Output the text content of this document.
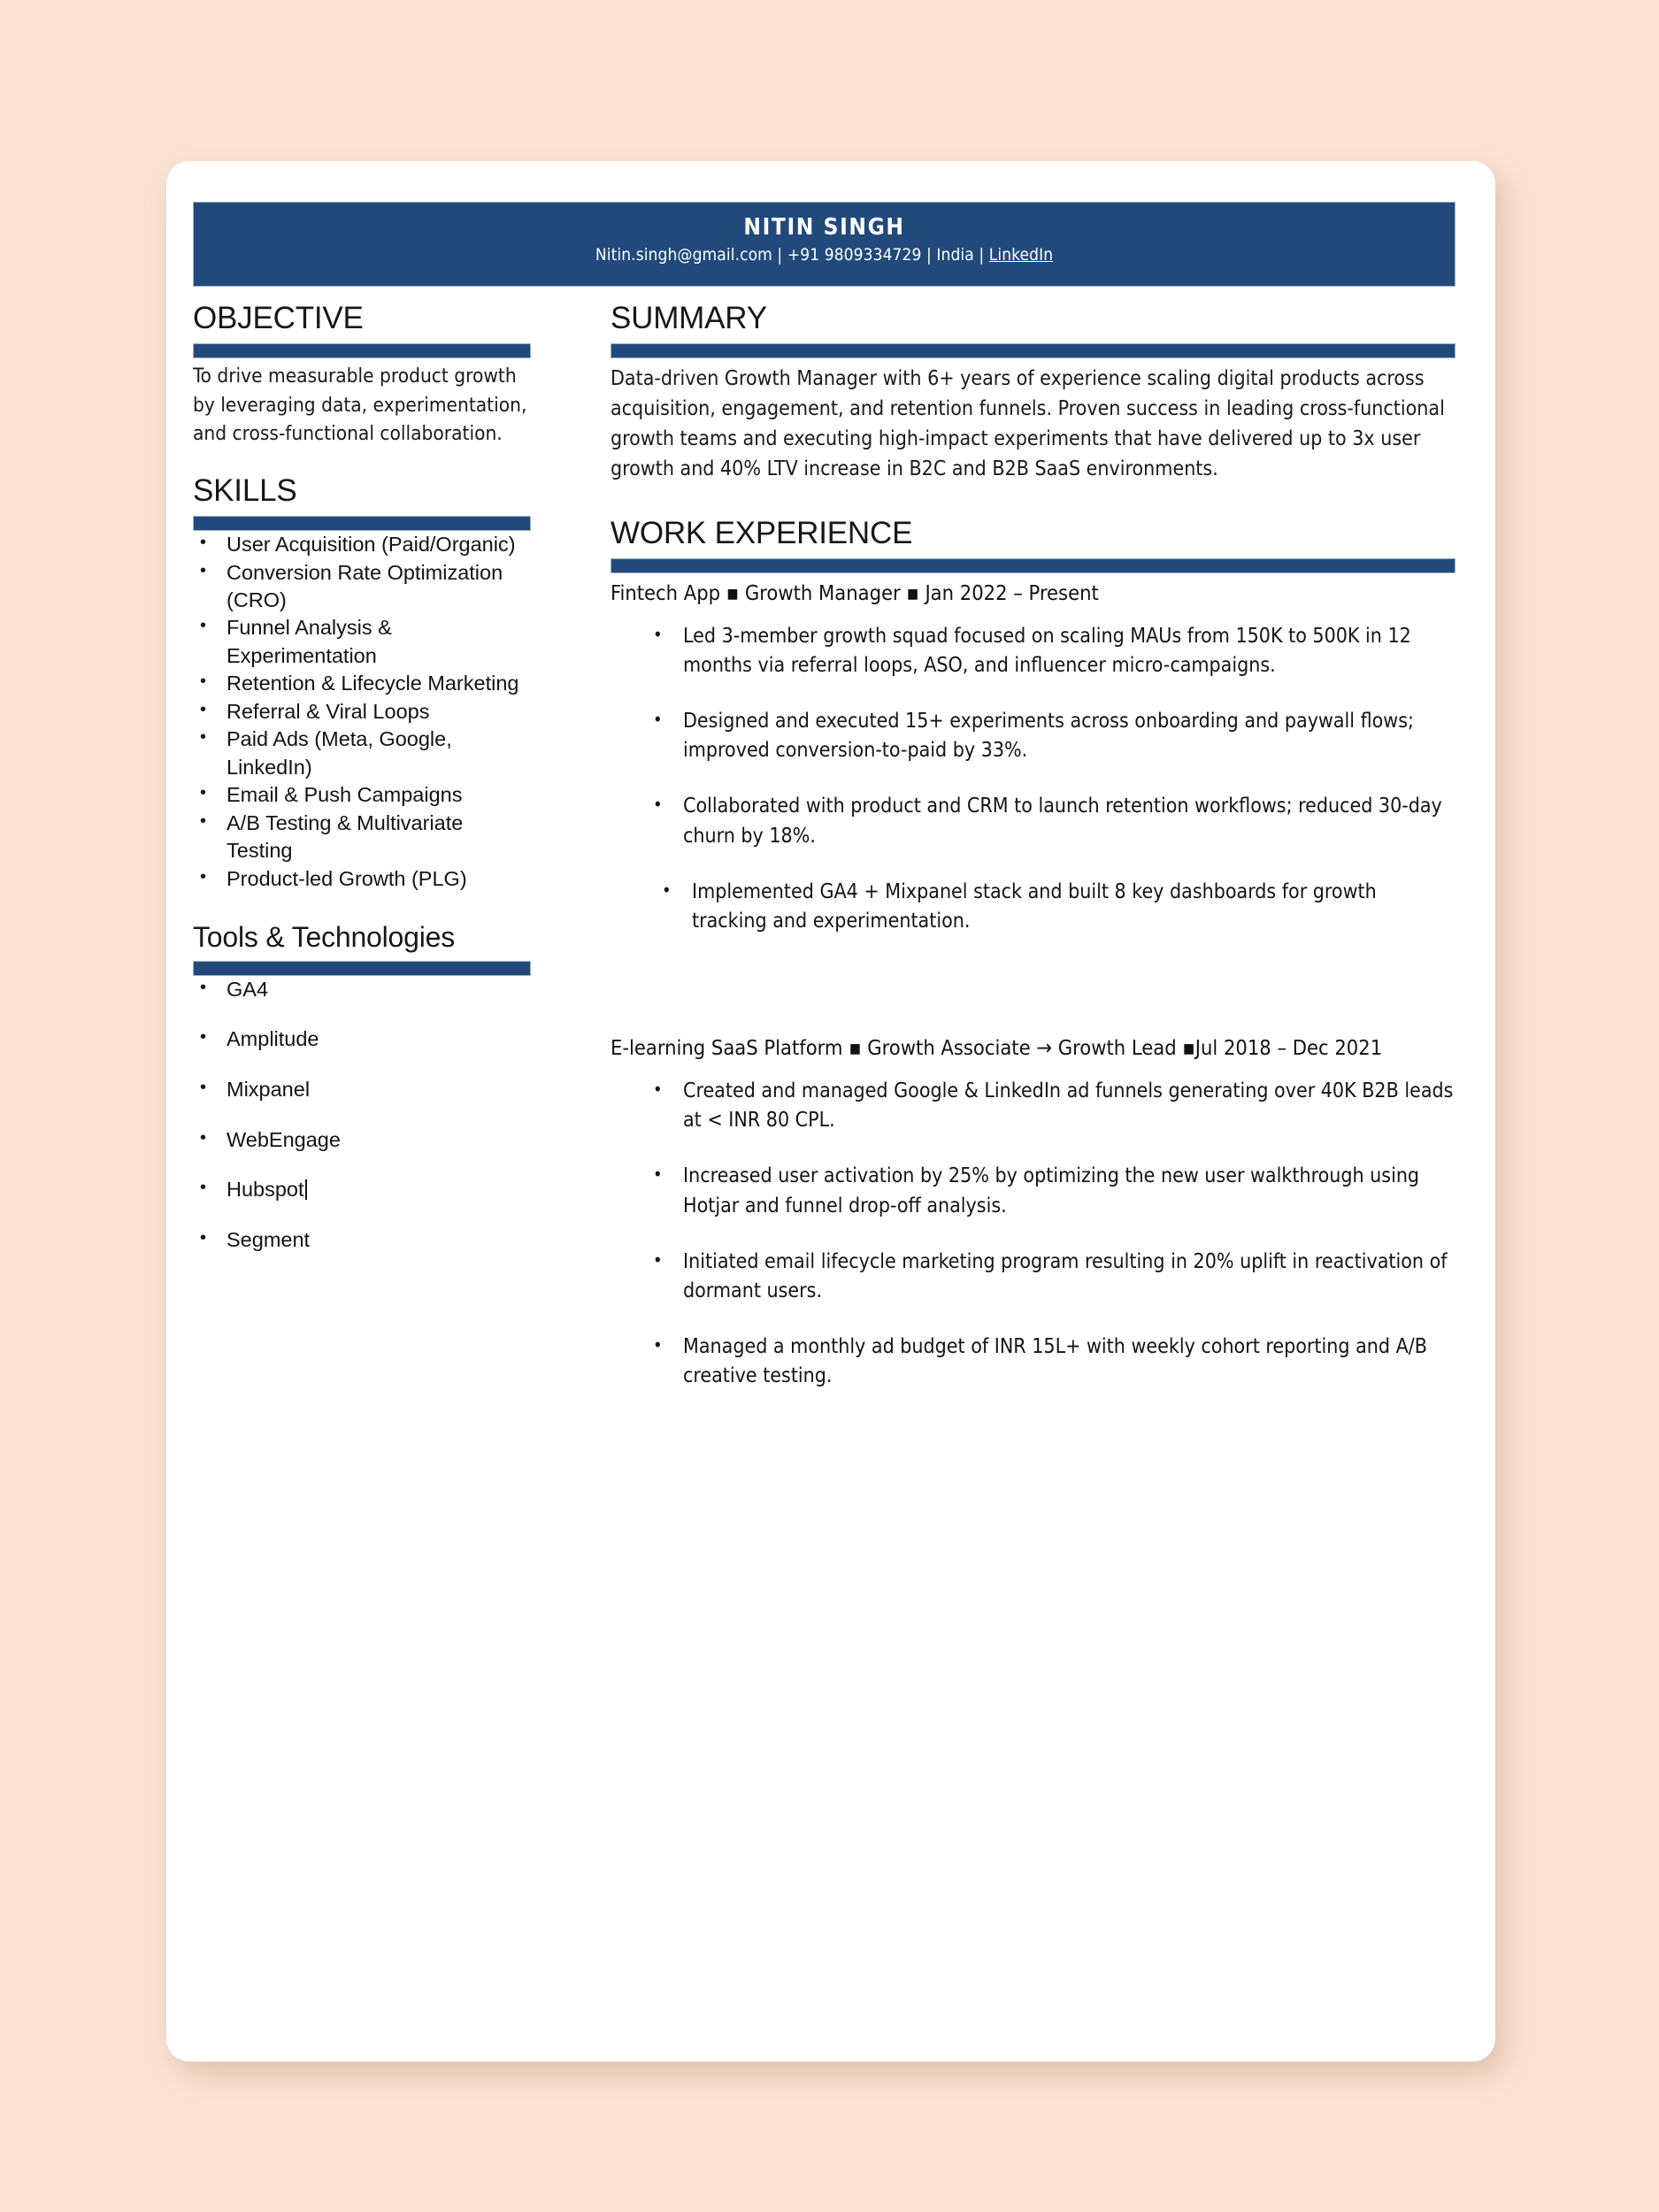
NITIN SINGH
Nitin.singh@gmail.com | +91 9809334729 | India | LinkedIn
OBJECTIVE

To drive measurable product growth by leveraging data, experimentation, and cross-functional collaboration.

SKILLS
• User Acquisition (Paid/Organic)
• Conversion Rate Optimization (CRO)
• Funnel Analysis & Experimentation
• Retention & Lifecycle Marketing
• Referral & Viral Loops
• Paid Ads (Meta, Google, LinkedIn)
• Email & Push Campaigns
• A/B Testing & Multivariate Testing
• Product-led Growth (PLG)
Tools & Technologies
• GA4
• Amplitude
• Mixpanel
• WebEngage
• Hubspot
• Segment
SUMMARY

Data-driven Growth Manager with 6+ years of experience scaling digital products across acquisition, engagement, and retention funnels. Proven success in leading cross-functional growth teams and executing high-impact experiments that have delivered up to 3x user growth and 40% LTV increase in B2C and B2B SaaS environments.

WORK EXPERIENCE
Fintech App ▪ Growth Manager ▪ Jan 2022 – Present
• Led 3-member growth squad focused on scaling MAUs from 150K to 500K in 12 months via referral loops, ASO, and influencer micro-campaigns.
• Designed and executed 15+ experiments across onboarding and paywall flows; improved conversion-to-paid by 33%.
• Collaborated with product and CRM to launch retention workflows; reduced 30-day churn by 18%.
• Implemented GA4 + Mixpanel stack and built 8 key dashboards for growth tracking and experimentation.
E-learning SaaS Platform ▪ Growth Associate → Growth Lead ▪Jul 2018 – Dec 2021
• Created and managed Google & LinkedIn ad funnels generating over 40K B2B leads at < INR 80 CPL.
• Increased user activation by 25% by optimizing the new user walkthrough using Hotjar and funnel drop-off analysis.
• Initiated email lifecycle marketing program resulting in 20% uplift in reactivation of dormant users.
• Managed a monthly ad budget of INR 15L+ with weekly cohort reporting and A/B creative testing.
